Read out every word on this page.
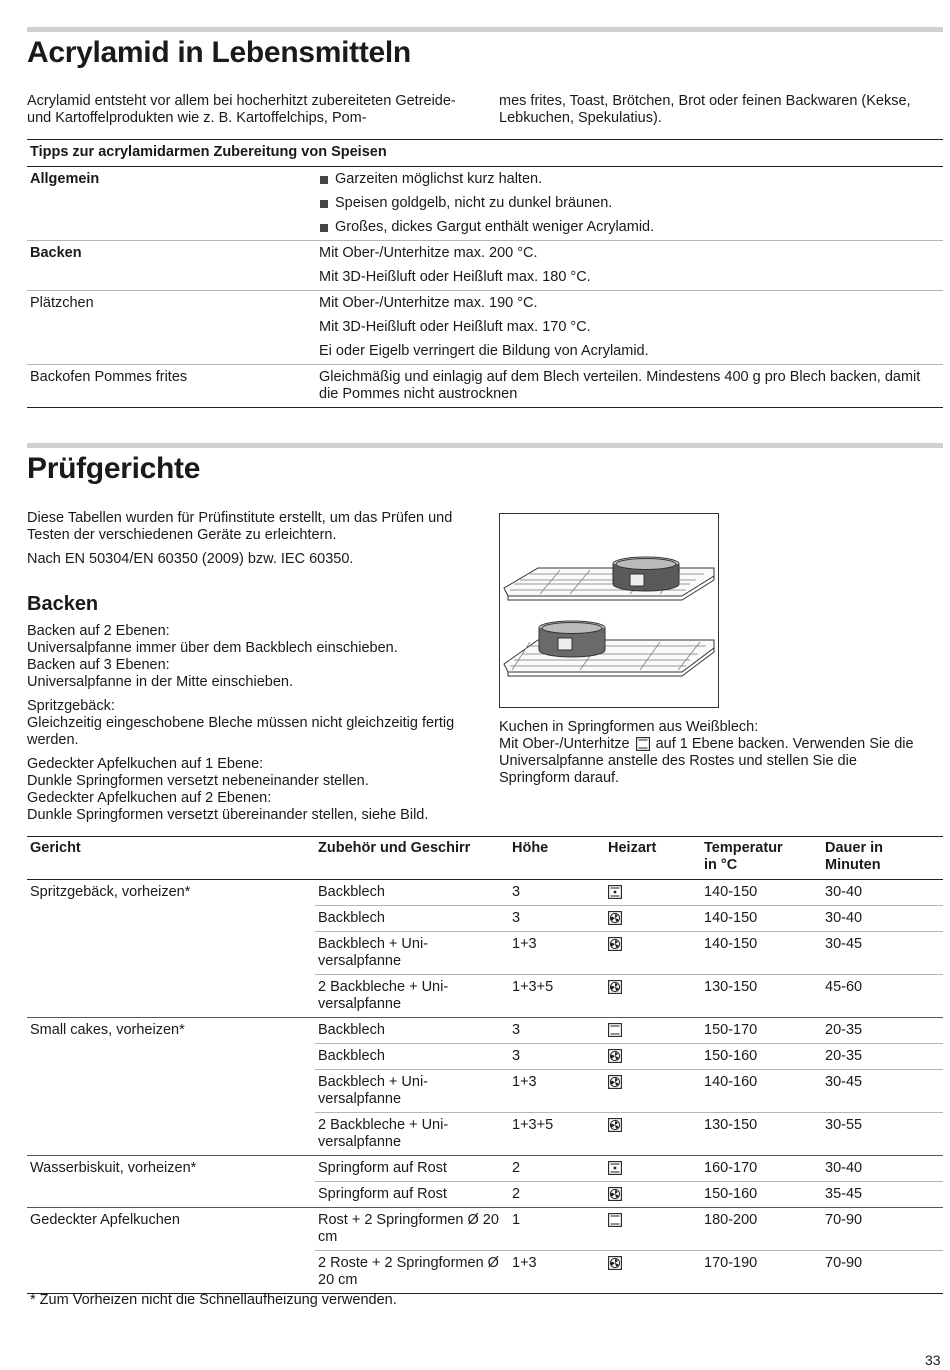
Acrylamid in Lebensmitteln

Acrylamid entsteht vor allem bei hocherhitzt zubereiteten Getreide- und Kartoffelprodukten wie z. B. Kartoffelchips, Pom-

mes frites, Toast, Brötchen, Brot oder feinen Backwaren (Kekse, Lebkuchen, Spekulatius).

Tipps zur acrylamidarmen Zubereitung von Speisen
Allgemein	Garzeiten möglichst kurz halten.
Speisen goldgelb, nicht zu dunkel bräunen.
Großes, dickes Gargut enthält weniger Acrylamid.
Backen	Mit Ober-/Unterhitze max. 200 °C.
Mit 3D-Heißluft oder Heißluft max. 180 °C.
Plätzchen	Mit Ober-/Unterhitze max. 190 °C.
Mit 3D-Heißluft oder Heißluft max. 170 °C.
Ei oder Eigelb verringert die Bildung von Acrylamid.
Backofen Pommes frites	Gleichmäßig und einlagig auf dem Blech verteilen. Mindestens 400 g pro Blech backen, damit die Pommes nicht austrocknen
Prüfgerichte

Diese Tabellen wurden für Prüfinstitute erstellt, um das Prüfen und Testen der verschiedenen Geräte zu erleichtern.

Nach EN 50304/EN 60350 (2009) bzw. IEC 60350.

Backen

Backen auf 2 Ebenen:
Universalpfanne immer über dem Backblech einschieben.
Backen auf 3 Ebenen:
Universalpfanne in der Mitte einschieben.

Spritzgebäck:
Gleichzeitig eingeschobene Bleche müssen nicht gleichzeitig fertig werden.

Gedeckter Apfelkuchen auf 1 Ebene:
Dunkle Springformen versetzt nebeneinander stellen.
Gedeckter Apfelkuchen auf 2 Ebenen:
Dunkle Springformen versetzt übereinander stellen, siehe Bild.

Kuchen in Springformen aus Weißblech:

Mit Ober-/Unterhitze auf 1 Ebene backen. Verwenden Sie die Universalpfanne anstelle des Rostes und stellen Sie die Springform darauf.

Gericht	Zubehör und Geschirr	Höhe	Heizart	Temperatur in °C	Dauer in Minuten

Spritzgebäck, vorheizen*	Backblech	3		140-150	30-40
	Backblech	3		140-150	30-40
	Backblech + Uni-versalpfanne	1+3		140-150	30-45
	2 Backbleche + Uni-versalpfanne	1+3+5		130-150	45-60
Small cakes, vorheizen*	Backblech	3		150-170	20-35
	Backblech	3		150-160	20-35
	Backblech + Uni-versalpfanne	1+3		140-160	30-45
	2 Backbleche + Uni-versalpfanne	1+3+5		130-150	30-55
Wasserbiskuit, vorheizen*	Springform auf Rost	2		160-170	30-40
	Springform auf Rost	2		150-160	35-45
Gedeckter Apfelkuchen	Rost + 2 Springformen Ø 20 cm	1		180-200	70-90
	2 Roste + 2 Springformen Ø 20 cm	1+3		170-190	70-90
* Zum Vorheizen nicht die Schnellaufheizung verwenden.
33
